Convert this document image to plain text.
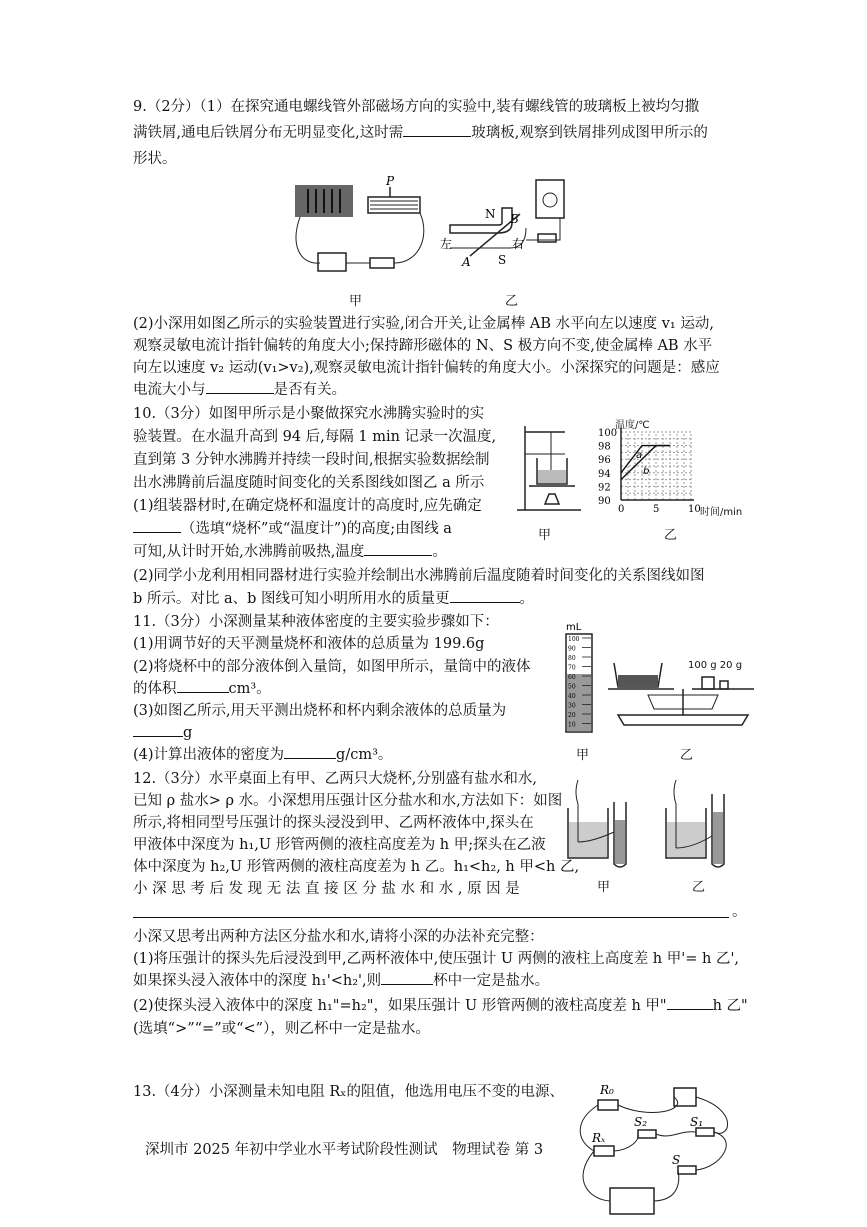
9.（2分）（1）在探究通电螺线管外部磁场方向的实验中,装有螺线管的玻璃板上被均匀撒
满铁屑,通电后铁屑分布无明显变化,这时需	玻璃板,观察到铁屑排列成图甲所示的
形状。
P
甲
N B
左	右
A S
乙
(2)小深用如图乙所示的实验装置进行实验,闭合开关,让金属棒 AB 水平向左以速度 v₁ 运动,
观察灵敏电流计指针偏转的角度大小;保持蹄形磁体的 N、S 极方向不变,使金属棒 AB 水平
向左以速度 v₂ 运动(v₁>v₂),观察灵敏电流计指针偏转的角度大小。小深探究的问题是：感应
电流大小与	是否有关。
10.（3分）如图甲所示是小聚做探究水沸腾实验时的实
验装置。在水温升高到 94 后,每隔 1 min 记录一次温度,
直到第 3 分钟水沸腾并持续一段时间,根据实验数据绘制
出水沸腾前后温度随时间变化的关系图线如图乙 a 所示
(1)组装器材时,在确定烧杯和温度计的高度时,应先确定
（选填“烧杯”或“温度计”)的高度;由图线 a
可知,从计时开始,水沸腾前吸热,温度	。
(2)同学小龙利用相同器材进行实验并绘制出水沸腾前后温度随着时间变化的关系图线如图
b 所示。对比 a、b 图线可知小明所用水的质量更	。
甲
温度/℃
100
98
96
94
92
90
0	5	10
a
b
时间/min
乙
11.（3分）小深测量某种液体密度的主要实验步骤如下：
(1)用调节好的天平测量烧杯和液体的总质量为 199.6g
(2)将烧杯中的部分液体倒入量筒，如图甲所示，量筒中的液体
的体积	cm³。
(3)如图乙所示,用天平测出烧杯和杯内剩余液体的总质量为
g
(4)计算出液体的密度为	g/cm³。
mL
100
90
80
70
60
50
40
30
20
10
甲
100 g 20 g
乙
12.（3分）水平桌面上有甲、乙两只大烧杯,分别盛有盐水和水,
已知 ρ 盐水> ρ 水。小深想用压强计区分盐水和水,方法如下：如图
所示,将相同型号压强计的探头浸没到甲、乙两杯液体中,探头在
甲液体中深度为 h₁,U 形管两侧的液柱高度差为 h 甲;探头在乙液
体中深度为 h₂,U 形管两侧的液柱高度差为 h 乙。h₁<h₂, h 甲<h 乙,
小 深 思 考 后 发 现 无 法 直 接 区 分 盐 水 和 水 , 原 因 是
。
小深又思考出两种方法区分盐水和水,请将小深的办法补充完整：
(1)将压强计的探头先后浸没到甲,乙两杯液体中,使压强计 U 两侧的液柱上高度差 h 甲'= h 乙',
如果探头浸入液体中的深度 h₁'<h₂',则	杯中一定是盐水。
(2)使探头浸入液体中的深度 h₁"=h₂"，如果压强计 U 形管两侧的液柱高度差 h 甲"	h 乙"
(选填“>”“=”或“<”），则乙杯中一定是盐水。
甲	乙
13.（4分）小深测量未知电阻 Rₓ的阻值，他选用电压不变的电源、	R₀
Rₓ
S₂	S₁
S
深圳市 2025 年初中学业水平考试阶段性测试　物理试卷 第 3
